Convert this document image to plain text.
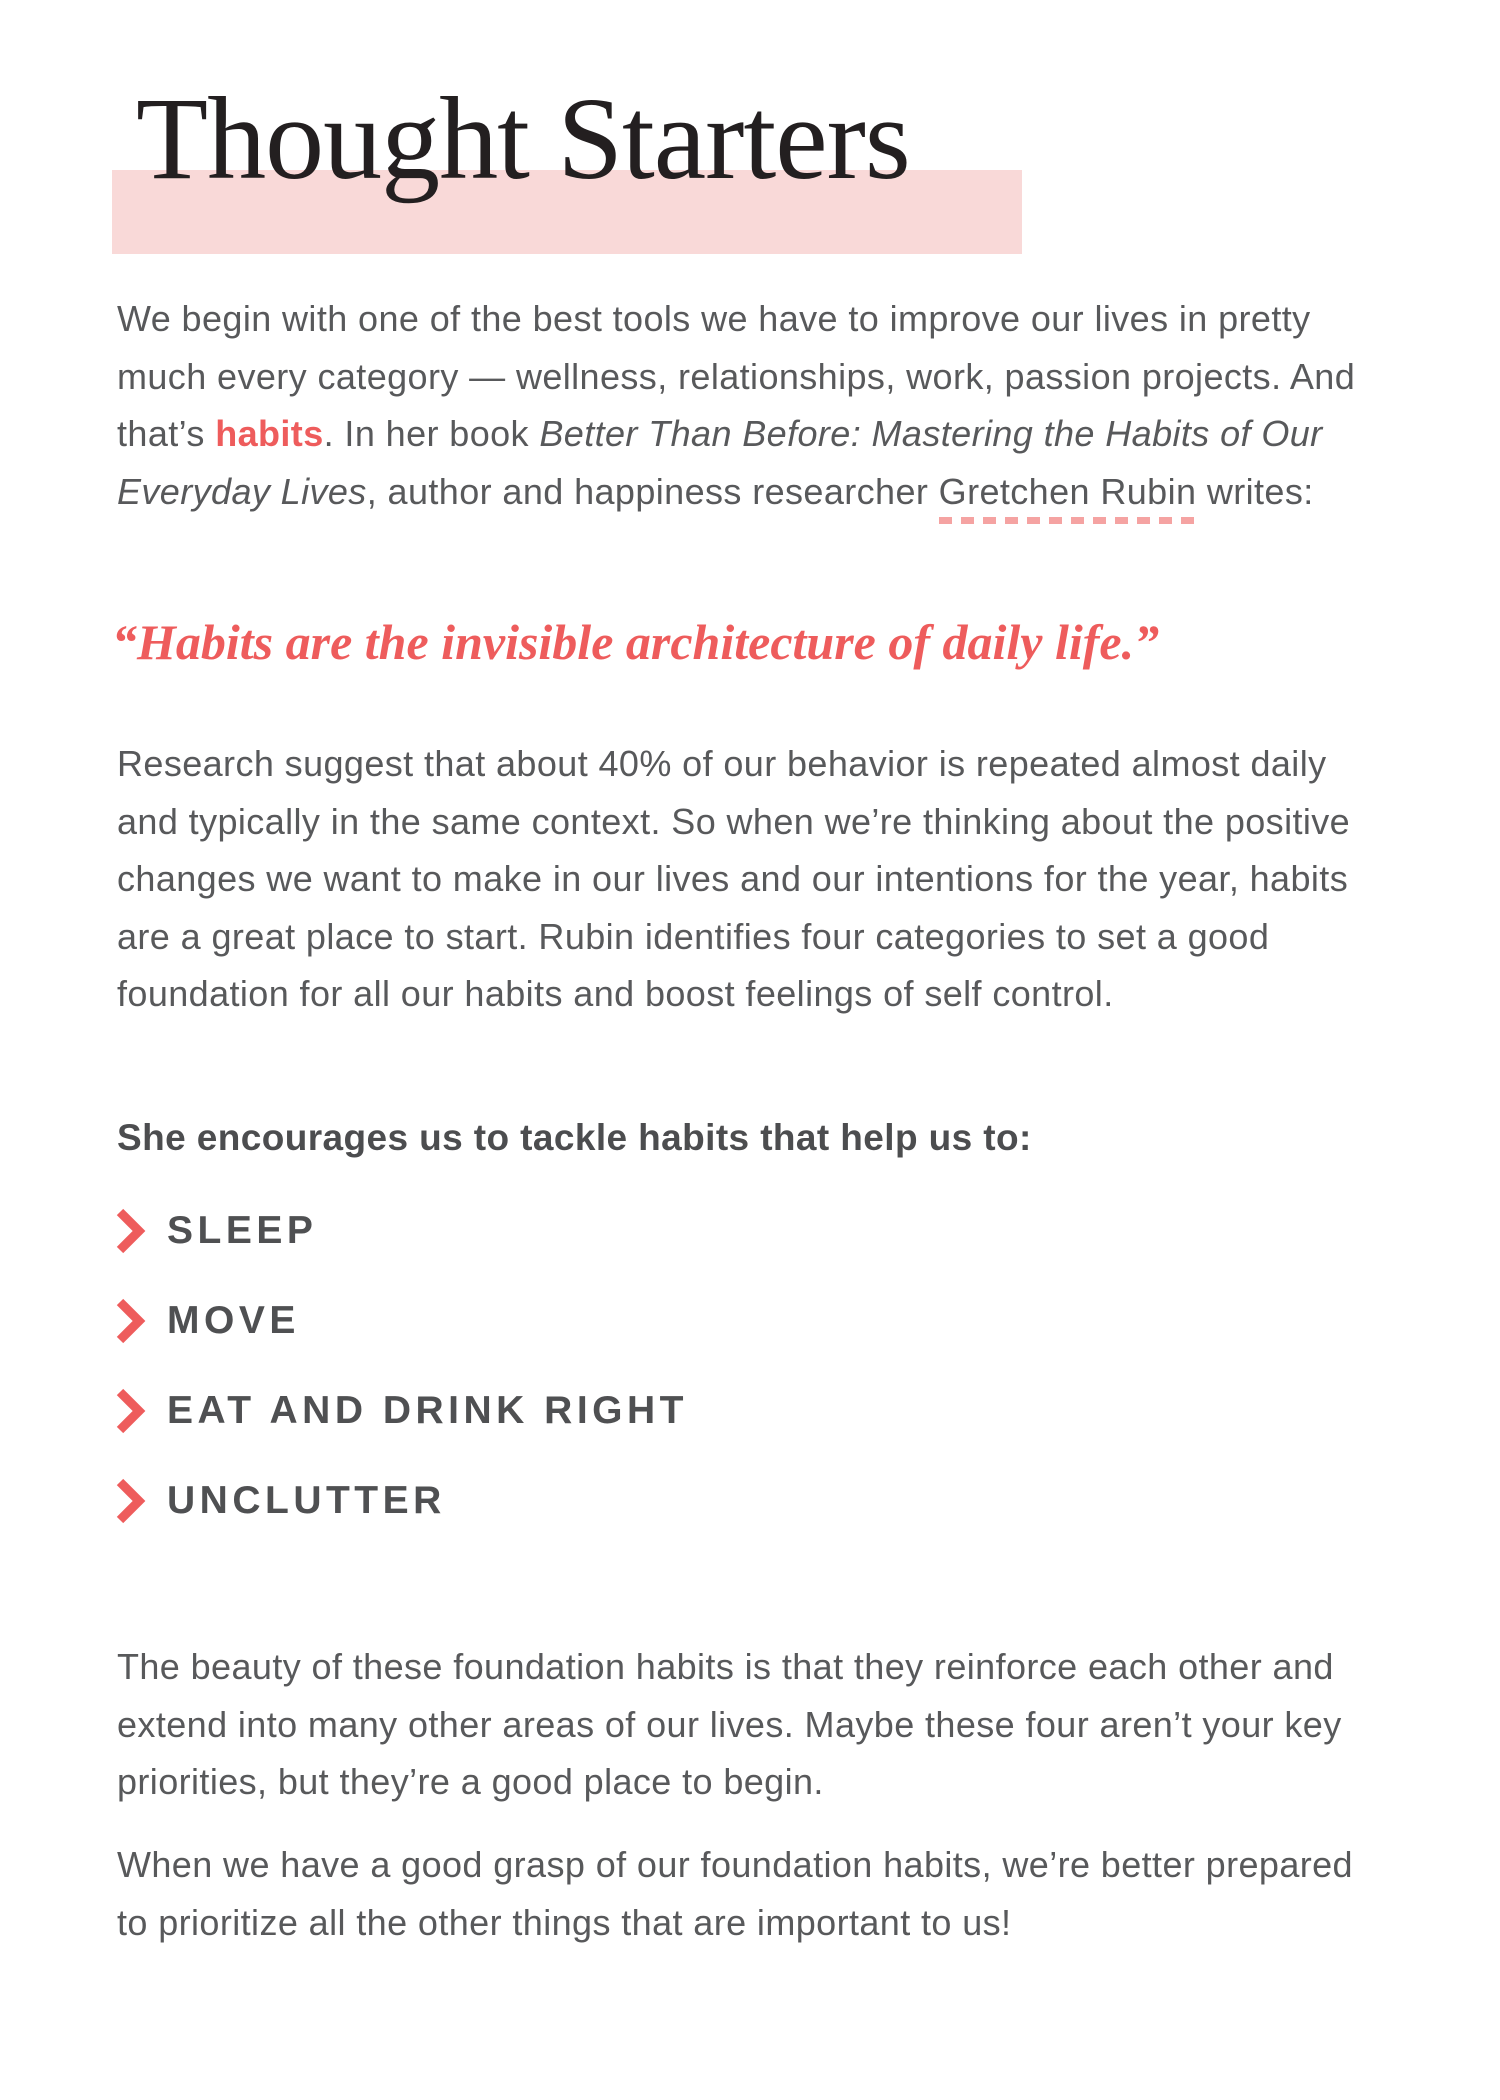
Thought Starters

We begin with one of the best tools we have to improve our lives in pretty much every category — wellness, relationships, work, passion projects. And that’s habits. In her book Better Than Before: Mastering the Habits of Our Everyday Lives, author and happiness researcher Gretchen Rubin writes:

“Habits are the invisible architecture of daily life.”

Research suggest that about 40% of our behavior is repeated almost daily and typically in the same context. So when we’re thinking about the positive changes we want to make in our lives and our intentions for the year, habits are a great place to start. Rubin identifies four categories to set a good foundation for all our habits and boost feelings of self control.

She encourages us to tackle habits that help us to:

SLEEP
MOVE
EAT AND DRINK RIGHT
UNCLUTTER

The beauty of these foundation habits is that they reinforce each other and extend into many other areas of our lives. Maybe these four aren’t your key priorities, but they’re a good place to begin.

When we have a good grasp of our foundation habits, we’re better prepared to prioritize all the other things that are important to us!
